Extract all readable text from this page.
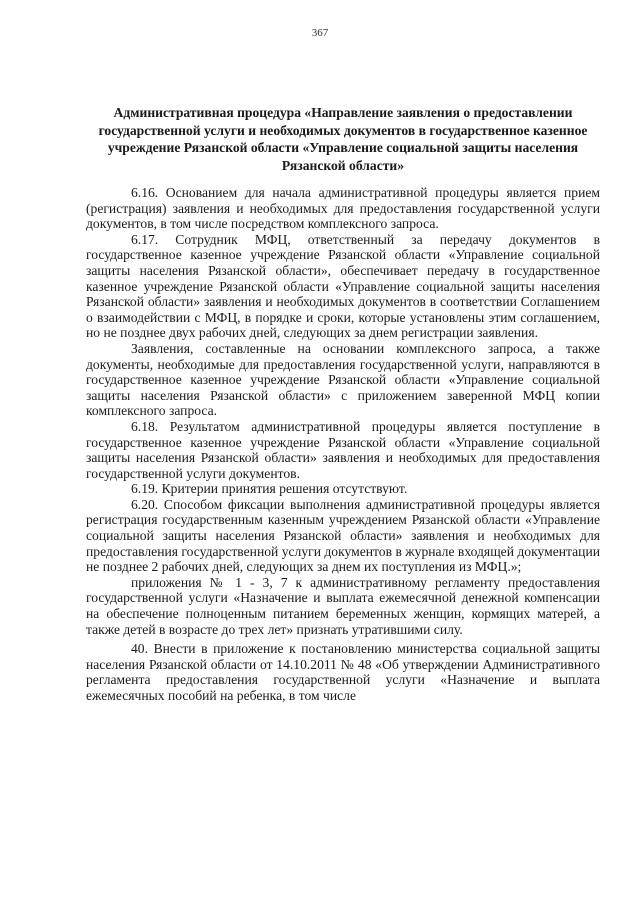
367
Административная процедура «Направление заявления о предоставлении государственной услуги и необходимых документов в государственное казенное учреждение Рязанской области «Управление социальной защиты населения Рязанской области»

6.16. Основанием для начала административной процедуры является прием (регистрация) заявления и необходимых для предоставления государственной услуги документов, в том числе посредством комплексного запроса.

6.17. Сотрудник МФЦ, ответственный за передачу документов в государственное казенное учреждение Рязанской области «Управление социальной защиты населения Рязанской области», обеспечивает передачу в государственное казенное учреждение Рязанской области «Управление социальной защиты населения Рязанской области» заявления и необходимых документов в соответствии Соглашением о взаимодействии с МФЦ, в порядке и сроки, которые установлены этим соглашением, но не позднее двух рабочих дней, следующих за днем регистрации заявления.

Заявления, составленные на основании комплексного запроса, а также документы, необходимые для предоставления государственной услуги, направляются в государственное казенное учреждение Рязанской области «Управление социальной защиты населения Рязанской области» с приложением заверенной МФЦ копии комплексного запроса.

6.18. Результатом административной процедуры является поступление в государственное казенное учреждение Рязанской области «Управление социальной защиты населения Рязанской области» заявления и необходимых для предоставления государственной услуги документов.

6.19. Критерии принятия решения отсутствуют.

6.20. Способом фиксации выполнения административной процедуры является регистрация государственным казенным учреждением Рязанской области «Управление социальной защиты населения Рязанской области» заявления и необходимых для предоставления государственной услуги документов в журнале входящей документации не позднее 2 рабочих дней, следующих за днем их поступления из МФЦ.»;

приложения № 1 - 3, 7 к административному регламенту предоставления государственной услуги «Назначение и выплата ежемесячной денежной компенсации на обеспечение полноценным питанием беременных женщин, кормящих матерей, а также детей в возрасте до трех лет» признать утратившими силу.

40. Внести в приложение к постановлению министерства социальной защиты населения Рязанской области от 14.10.2011 № 48 «Об утверждении Административного регламента предоставления государственной услуги «Назначение и выплата ежемесячных пособий на ребенка, в том числе
